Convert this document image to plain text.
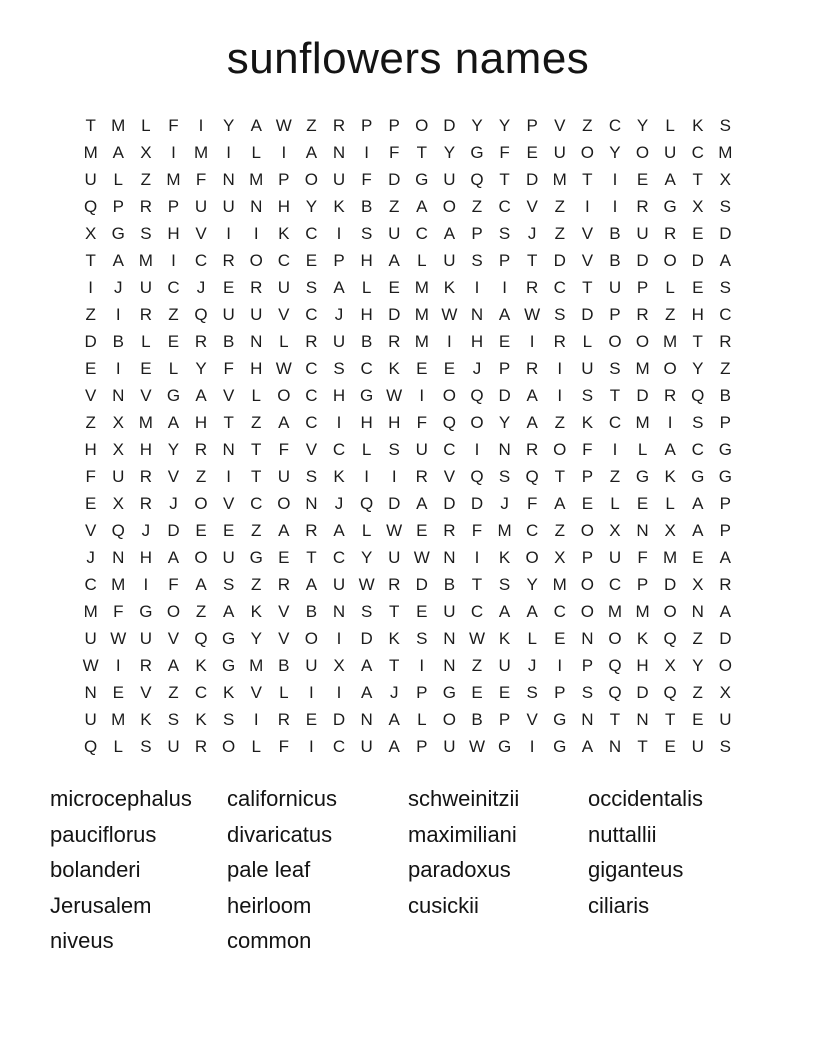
sunflowers names
T M L	F	I	Y A W Z R P P O D Y Y P V Z C Y	L	K S
M A X	I	M	I	L	I	A N	I	F	T Y G F E U O Y O U C M
U L	Z M F N M P O U F D G U Q T D M T	I	E A T X
Q P R P U U N H Y K B Z A O Z C V Z	I	I	R G X S
X G S H V	I	I	K C	I	S U C A P S	J	Z V B U R E D
T A M	I	C R O C E P H A	L U S P T D V B D O D A
I	J	U C	J	E R U S A	L	E M K	I	I	R C T U P	L	E S
Z	I	R Z Q U U V C	J	H D M W N A W S D P R Z H C
D B	L	E R B N L R U B R M	I	H E	I	R L O O M T R
E	I	E	L	Y F H W C S C K E E	J	P R	I	U S M O Y Z
V N V G A V	L O C H G W	I	O Q D A	I	S T D R Q B
Z X M A H T	Z A C	I	H H F Q O Y A Z K C M	I	S P
H X H Y R N T	F V C L	S U C	I	N R O F	I	L	A C G
F U R V Z	I	T U S K	I	I	R V Q S Q T P Z G K G G
E X R	J O V C O N	J Q D A D D	J	F A E	L	E	L	A P
V Q J	D E E Z A R A	L W E R F M C Z O X N X A P
J	N H A O U G E T C Y U W N	I	K O X P U F M E A
C M	I	F A S Z R A U W R D B T S Y M O C P D X R
M F G O Z A K V B N S T E U C A A C O M M O N A
U W U V Q G Y V O	I	D K S N W K	L	E N O K Q Z D
W	I	R A K G M B U X A T	I	N Z U	J	I	P Q H X Y O
N E V Z C K V	L	I	I	A	J	P G E E S P S Q D Q Z X
U M K S K S	I	R E D N A	L O B P V G N T N T E U
Q L	S U R O L	F	I	C U A P U W G	I	G A N T E U S
microcephalus
pauciflorus
bolanderi
Jerusalem
niveus
californicus
divaricatus
pale leaf
heirloom
common
schweinitzii
maximiliani
paradoxus
cusickii
occidentalis
nuttallii
giganteus
ciliaris
